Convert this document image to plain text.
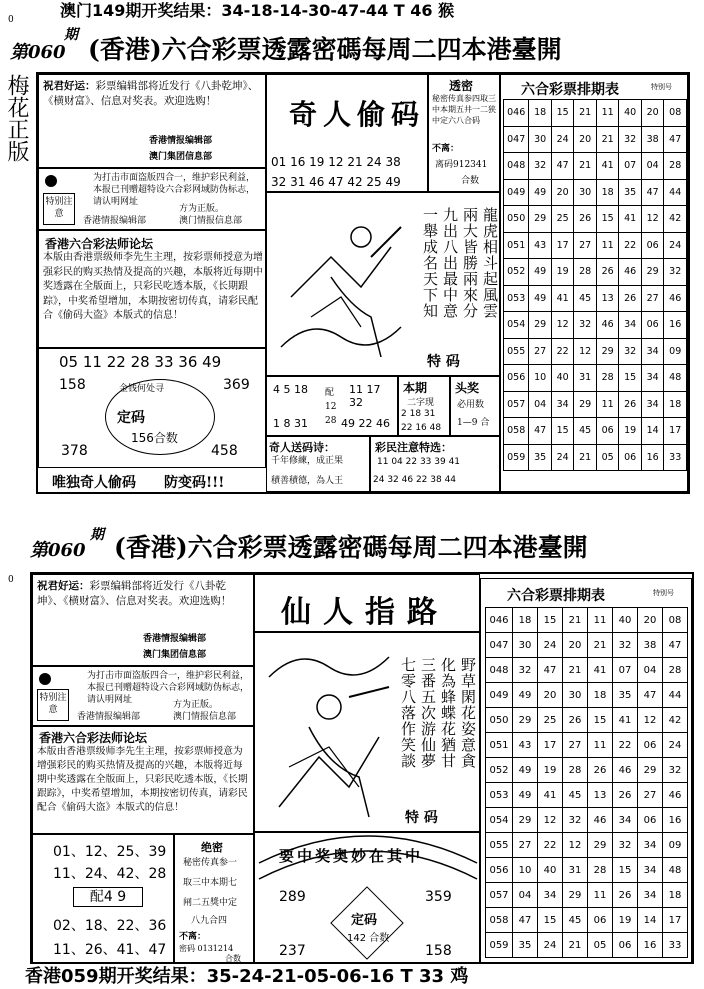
澳门149期开奖结果：34-18-14-30-47-44 T 46 猴
0
第060
期 (香港)六合彩票透露密碼每周二四本港臺開
梅花正版 祝君好运：彩票编辑部将近发行《八卦乾坤》、《横财富》、信息对奖表。欢迎选购！
香港情报编辑部
澳门集团信息部
为打击市面盗版四合一，维护彩民利益，本报已刊赠超特设六合彩网域防伪标志，请认明网址
特别注意	方为正版。
香港情报编辑部	澳门情报信息部
香港六合彩法师论坛
本版由香港票级师李先生主理，按彩票师授意为增强彩民的购买热情及提高的兴趣，本版将近每期中奖透露在全版面上，只彩民吃透本版，《长期跟踪》，中奖希望增加，本期按密切传真，请彩民配合《偷码大盗》本版式的信息！
05 11 22 28 33 36 49
158	369
金钱何处寻
定码
156合数
378	458
唯独奇人偷码　　防变码!!!
奇人偷码
01 16 19 12 21 24 38
32 31 46 47 42 25 49
透密
秘密传真参四取三中本期五井一二狭中定六八合码
不离：
离码912341
合数
龍虎相斗起風雲
兩大皆勝兩來分
九出八出最中意
一舉成名天下知
特 码
4 5 18
1 8 31
配
12
28
11 17 32
49 22 46
本期
二字现
2 18 31
22 16 48
头奖
必用数
1—9 合
奇人送码诗：
千年修練，成正果
積善積德，為人王
彩民注意特选：
11 04 22 33 39 41
24 32 46 22 38 44
六合彩票排期表	特别号
046	18	15	21	11	40	20	08
047	30	24	20	21	32	38	47
048	32	47	21	41	07	04	28
049	49	20	30	18	35	47	44
050	29	25	26	15	41	12	42
051	43	17	27	11	22	06	24
052	49	19	28	26	46	29	32
053	49	41	45	13	26	27	46
054	29	12	32	46	34	06	16
055	27	22	12	29	32	34	09
056	10	40	31	28	15	34	48
057	04	34	29	11	26	34	18
058	47	15	45	06	19	14	17
059	35	24	21	05	06	16	33
第060
期 (香港)六合彩票透露密碼每周二四本港臺開
0 祝君好运：彩票编辑部将近发行《八卦乾坤》、《横财富》、信息对奖表。欢迎选购！
香港情报编辑部
澳门集团信息部
为打击市面盗版四合一，维护彩民利益，本报已刊赠超特设六合彩网域防伪标志，请认明网址
特别注意	方为正版。
香港情报编辑部	澳门情报信息部
香港六合彩法师论坛
本版由香港票级师李先生主理，按彩票师授意为增强彩民的购买热情及提高的兴趣，本版将近每期中奖透露在全版面上，只彩民吃透本版，《长期跟踪》，中奖希望增加，本期按密切传真，请彩民配合《偷码大盗》本版式的信息！
01、12、25、39
11、24、42、28
配4 9
02、18、22、36
11、26、41、47
绝密
秘密传真参一
取三中本期七
闸二五獎中定
八九合四
不离：
密码 0131214
合数
仙人指路
野草閑花姿意貪
化為蜂蝶花猶甘
三番五次游仙夢
七零八落作笑談
特 码
要中奖奥妙在其中
289	359
定码
142 合数
237	158
六合彩票排期表	特别号
046	18	15	21	11	40	20	08
047	30	24	20	21	32	38	47
048	32	47	21	41	07	04	28
049	49	20	30	18	35	47	44
050	29	25	26	15	41	12	42
051	43	17	27	11	22	06	24
052	49	19	28	26	46	29	32
053	49	41	45	13	26	27	46
054	29	12	32	46	34	06	16
055	27	22	12	29	32	34	09
056	10	40	31	28	15	34	48
057	04	34	29	11	26	34	18
058	47	15	45	06	19	14	17
059	35	24	21	05	06	16	33
香港059期开奖结果：35-24-21-05-06-16 T 33 鸡
